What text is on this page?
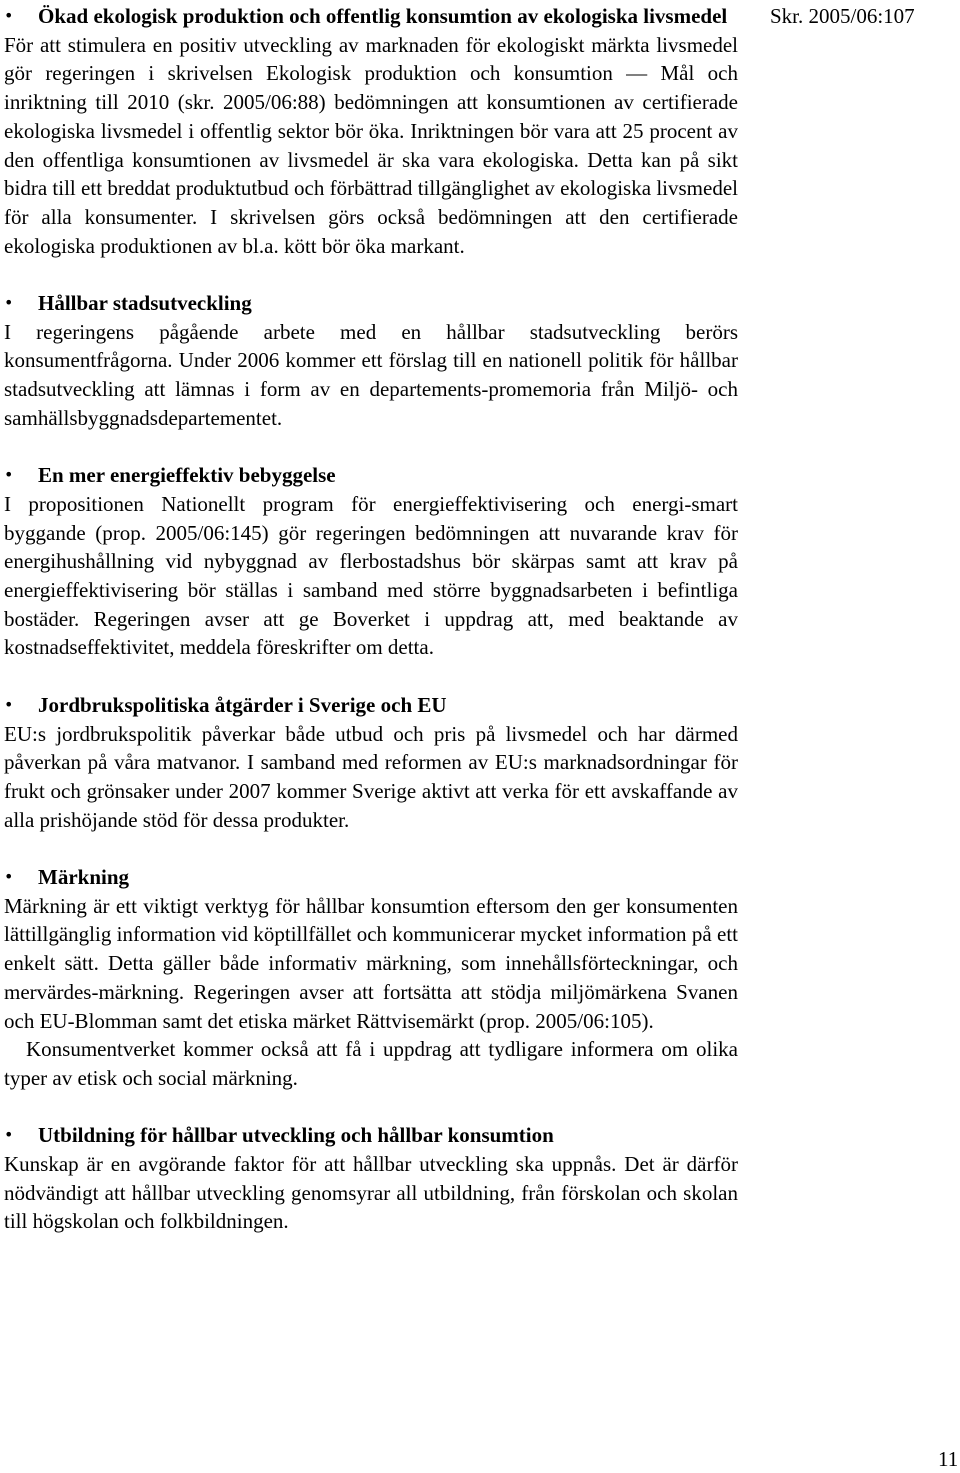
Skr. 2005/06:107
•	Ökad ekologisk produktion och offentlig konsumtion av ekologiska livsmedel

För att stimulera en positiv utveckling av marknaden för ekologiskt märkta livsmedel gör regeringen i skrivelsen Ekologisk produktion och konsumtion — Mål och inriktning till 2010 (skr. 2005/06:88) bedömningen att konsumtionen av certifierade ekologiska livsmedel i offentlig sektor bör öka. Inriktningen bör vara att 25 procent av den offentliga konsumtionen av livsmedel är ska vara ekologiska. Detta kan på sikt bidra till ett breddat produktutbud och förbättrad tillgänglighet av ekologiska livsmedel för alla konsumenter. I skrivelsen görs också bedömningen att den certifierade ekologiska produktionen av bl.a. kött bör öka markant.

•	Hållbar stadsutveckling

I regeringens pågående arbete med en hållbar stadsutveckling berörs konsumentfrågorna. Under 2006 kommer ett förslag till en nationell politik för hållbar stadsutveckling att lämnas i form av en departements-promemoria från Miljö- och samhällsbyggnadsdepartementet.

•	En mer energieffektiv bebyggelse

I propositionen Nationellt program för energieffektivisering och energi-smart byggande (prop. 2005/06:145) gör regeringen bedömningen att nuvarande krav för energihushållning vid nybyggnad av flerbostadshus bör skärpas samt att krav på energieffektivisering bör ställas i samband med större byggnadsarbeten i befintliga bostäder. Regeringen avser att ge Boverket i uppdrag att, med beaktande av kostnadseffektivitet, meddela föreskrifter om detta.

•	Jordbrukspolitiska åtgärder i Sverige och EU

EU:s jordbrukspolitik påverkar både utbud och pris på livsmedel och har därmed påverkan på våra matvanor. I samband med reformen av EU:s marknadsordningar för frukt och grönsaker under 2007 kommer Sverige aktivt att verka för ett avskaffande av alla prishöjande stöd för dessa produkter.

•	Märkning

Märkning är ett viktigt verktyg för hållbar konsumtion eftersom den ger konsumenten lättillgänglig information vid köptillfället och kommunicerar mycket information på ett enkelt sätt. Detta gäller både informativ märkning, som innehållsförteckningar, och mervärdes-märkning. Regeringen avser att fortsätta att stödja miljömärkena Svanen och EU-Blomman samt det etiska märket Rättvisemärkt (prop. 2005/06:105).

Konsumentverket kommer också att få i uppdrag att tydligare informera om olika typer av etisk och social märkning.

•	Utbildning för hållbar utveckling och hållbar konsumtion

Kunskap är en avgörande faktor för att hållbar utveckling ska uppnås. Det är därför nödvändigt att hållbar utveckling genomsyrar all utbildning, från förskolan och skolan till högskolan och folkbildningen.

11
